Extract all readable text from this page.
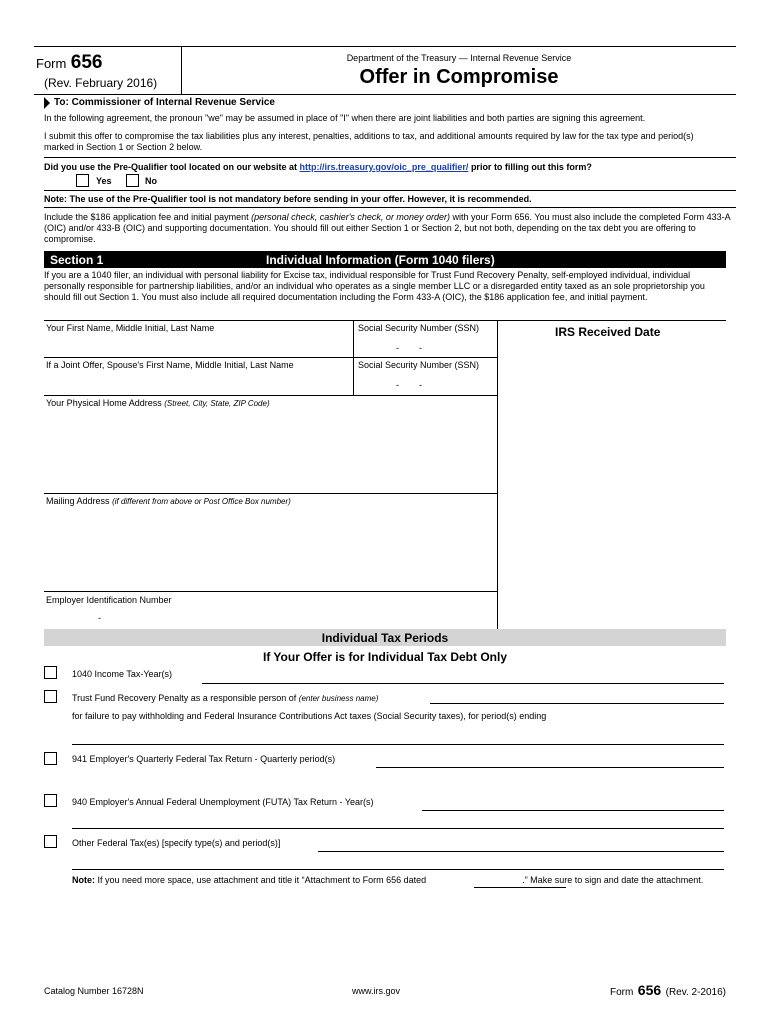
Form 656
(Rev. February 2016)
Department of the Treasury — Internal Revenue Service
Offer in Compromise
To: Commissioner of Internal Revenue Service
In the following agreement, the pronoun "we" may be assumed in place of "I" when there are joint liabilities and both parties are signing this agreement.
I submit this offer to compromise the tax liabilities plus any interest, penalties, additions to tax, and additional amounts required by law for the tax type and period(s) marked in Section 1 or Section 2 below.
Did you use the Pre-Qualifier tool located on our website at http://irs.treasury.gov/oic_pre_qualifier/ prior to filling out this form?
Yes	No
Note: The use of the Pre-Qualifier tool is not mandatory before sending in your offer. However, it is recommended.
Include the $186 application fee and initial payment (personal check, cashier's check, or money order) with your Form 656. You must also include the completed Form 433-A (OIC) and/or 433-B (OIC) and supporting documentation. You should fill out either Section 1 or Section 2, but not both, depending on the tax debt you are offering to compromise.
Section 1	Individual Information (Form 1040 filers)
If you are a 1040 filer, an individual with personal liability for Excise tax, individual responsible for Trust Fund Recovery Penalty, self-employed individual, individual personally responsible for partnership liabilities, and/or an individual who operates as a single member LLC or a disregarded entity taxed as an sole proprietorship you should fill out Section 1. You must also include all required documentation including the Form 433-A (OIC), the $186 application fee, and initial payment.
Your First Name, Middle Initial, Last Name	Social Security Number (SSN)
-        -
IRS Received Date
If a Joint Offer, Spouse's First Name, Middle Initial, Last Name	Social Security Number (SSN)
-        -
Your Physical Home Address (Street, City, State, ZIP Code)
Mailing Address (if different from above or Post Office Box number)
Employer Identification Number
-
Individual Tax Periods
If Your Offer is for Individual Tax Debt Only
1040 Income Tax-Year(s)
Trust Fund Recovery Penalty as a responsible person of (enter business name)
for failure to pay withholding and Federal Insurance Contributions Act taxes (Social Security taxes), for period(s) ending
941 Employer's Quarterly Federal Tax Return - Quarterly period(s)
940 Employer's Annual Federal Unemployment (FUTA) Tax Return - Year(s)
Other Federal Tax(es) [specify type(s) and period(s)]
Note: If you need more space, use attachment and title it “Attachment to Form 656 dated	.” Make sure to sign and date the attachment.
Catalog Number 16728N	www.irs.gov	Form 656 (Rev. 2-2016)
